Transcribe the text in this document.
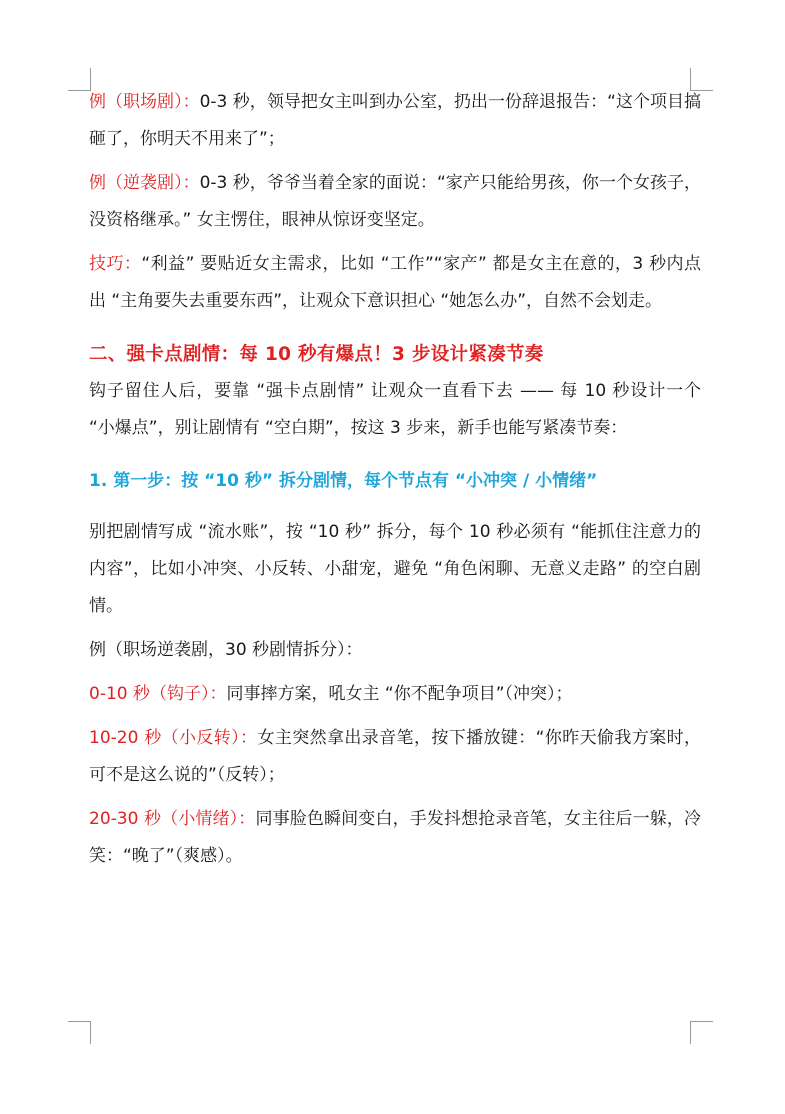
例（职场剧）：0-3 秒，领导把女主叫到办公室，扔出一份辞退报告：“这个项目搞砸了，你明天不用来了”；

例（逆袭剧）：0-3 秒，爷爷当着全家的面说：“家产只能给男孩，你一个女孩子，没资格继承。” 女主愣住，眼神从惊讶变坚定。

技巧：“利益” 要贴近女主需求，比如 “工作”“家产” 都是女主在意的，3 秒内点出 “主角要失去重要东西”，让观众下意识担心 “她怎么办”，自然不会划走。

二、强卡点剧情：每 10 秒有爆点！3 步设计紧凑节奏

钩子留住人后，要靠 “强卡点剧情” 让观众一直看下去 —— 每 10 秒设计一个 “小爆点”，别让剧情有 “空白期”，按这 3 步来，新手也能写紧凑节奏：

1. 第一步：按 “10 秒” 拆分剧情，每个节点有 “小冲突 / 小情绪”

别把剧情写成 “流水账”，按 “10 秒” 拆分，每个 10 秒必须有 “能抓住注意力的内容”，比如小冲突、小反转、小甜宠，避免 “角色闲聊、无意义走路” 的空白剧情。

例（职场逆袭剧，30 秒剧情拆分）：

0-10 秒（钩子）：同事摔方案，吼女主 “你不配争项目”（冲突）；

10-20 秒（小反转）：女主突然拿出录音笔，按下播放键：“你昨天偷我方案时，可不是这么说的”（反转）；

20-30 秒（小情绪）：同事脸色瞬间变白，手发抖想抢录音笔，女主往后一躲，冷笑：“晚了”（爽感）。
